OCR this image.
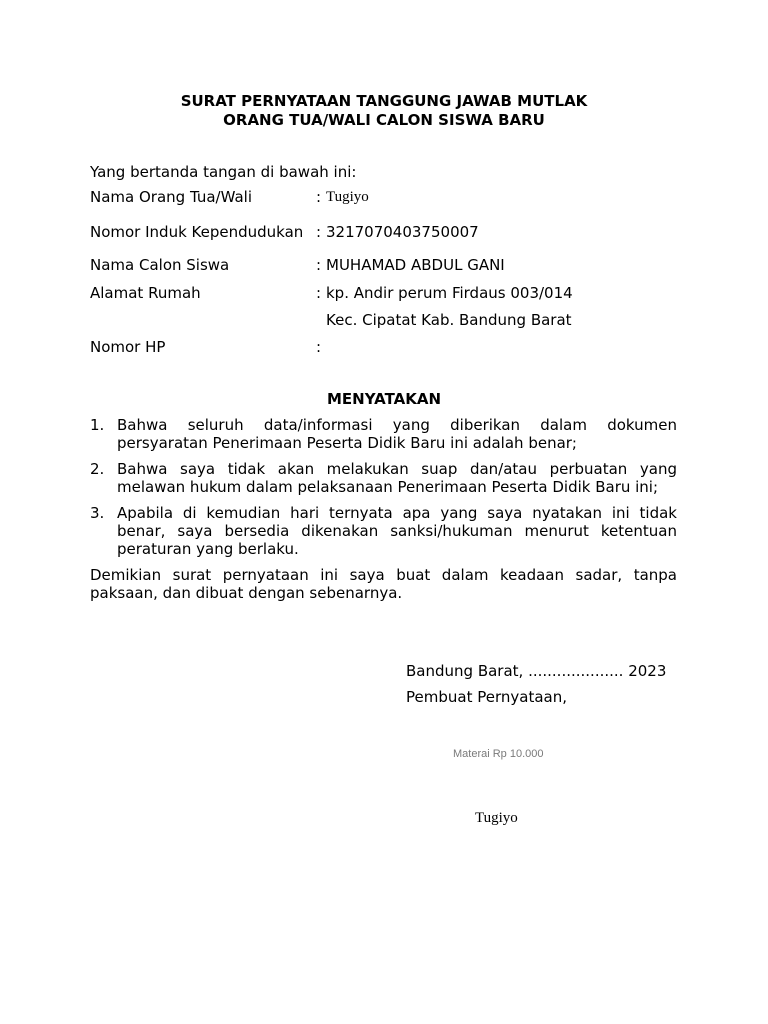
SURAT PERNYATAAN TANGGUNG JAWAB MUTLAK
ORANG TUA/WALI CALON SISWA BARU
Yang bertanda tangan di bawah ini:
Nama Orang Tua/Wali	: Tugiyo
Nomor Induk Kependudukan : 3217070403750007
Nama Calon Siswa	: MUHAMAD ABDUL GANI
Alamat Rumah	: kp. Andir perum Firdaus 003/014
Kec. Cipatat Kab. Bandung Barat
Nomor HP	:
MENYATAKAN
1. Bahwa seluruh data/informasi yang diberikan dalam dokumen
persyaratan Penerimaan Peserta Didik Baru ini adalah benar;
2. Bahwa saya tidak akan melakukan suap dan/atau perbuatan yang
melawan hukum dalam pelaksanaan Penerimaan Peserta Didik Baru ini;
3. Apabila di kemudian hari ternyata apa yang saya nyatakan ini tidak
benar, saya bersedia dikenakan sanksi/hukuman menurut ketentuan
peraturan yang berlaku.
Demikian surat pernyataan ini saya buat dalam keadaan sadar, tanpa
paksaan, dan dibuat dengan sebenarnya.
Bandung Barat, .................... 2023
Pembuat Pernyataan,
Materai Rp 10.000
Tugiyo
